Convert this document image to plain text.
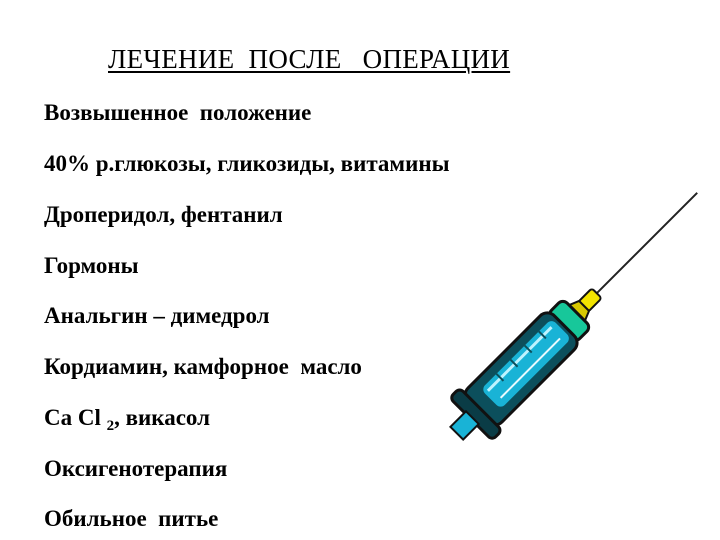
ЛЕЧЕНИЕ  ПОСЛЕ   ОПЕРАЦИИ
Возвышенное  положение
40% р.глюкозы, гликозиды, витамины
Дроперидол, фентанил
Гормоны
Анальгин – димедрол
Кордиамин, камфорное  масло
Ca Cl $_2$, викасол
Оксигенотерапия
Обильное  питье
